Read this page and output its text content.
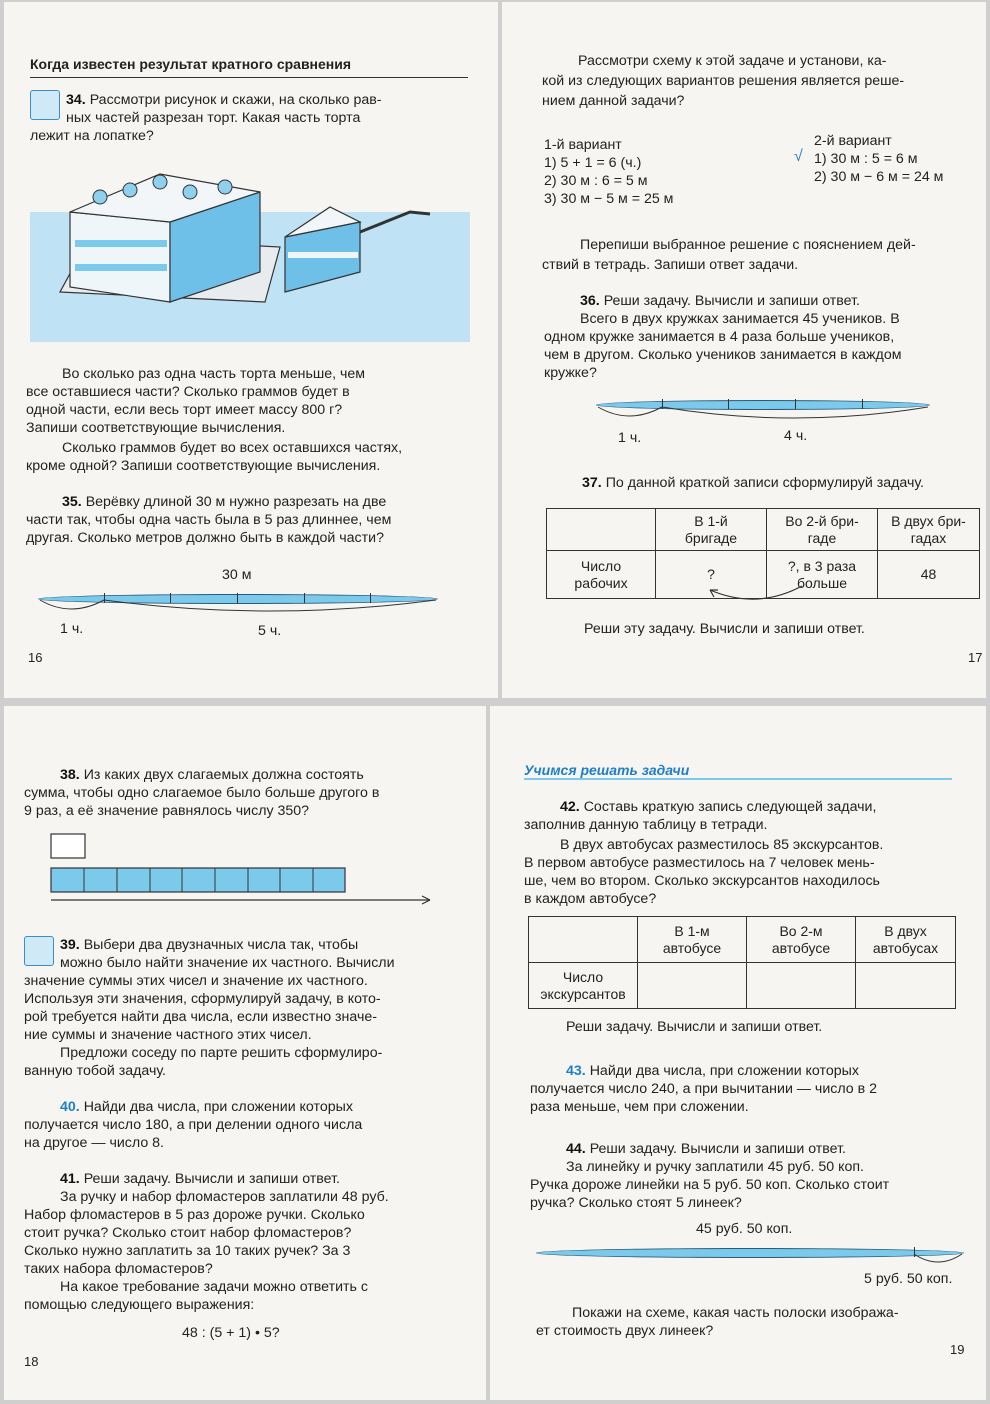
Когда известен результат кратного сравнения
34. Рассмотри рисунок и скажи, на сколько рав-
ных частей разрезан торт. Какая часть торта
лежит на лопатке?
Во сколько раз одна часть торта меньше, чем
все оставшиеся части? Сколько граммов будет в
одной части, если весь торт имеет массу 800 г?
Запиши соответствующие вычисления.
Сколько граммов будет во всех оставшихся частях,
кроме одной? Запиши соответствующие вычисления.
35. Верёвку длиной 30 м нужно разрезать на две
части так, чтобы одна часть была в 5 раз длиннее, чем
другая. Сколько метров должно быть в каждой части?
30 м
1 ч.	5 ч.
16
Рассмотри схему к этой задаче и установи, ка-
кой из следующих вариантов решения является реше-
нием данной задачи?
1-й вариант
1) 5 + 1 = 6 (ч.)
2) 30 м : 6 = 5 м
3) 30 м − 5 м = 25 м
2-й вариант
√ 1) 30 м : 5 = 6 м
2) 30 м − 6 м = 24 м
Перепиши выбранное решение с пояснением дей-
ствий в тетрадь. Запиши ответ задачи.
36. Реши задачу. Вычисли и запиши ответ.
Всего в двух кружках занимается 45 учеников. В
одном кружке занимается в 4 раза больше учеников,
чем в другом. Сколько учеников занимается в каждом
кружке?
1 ч.	4 ч.
37. По данной краткой записи сформулируй задачу.
	В 1-й
бригаде	Во 2-й бри-
гаде	В двух бри-
гадах
Число
рабочих	?	?, в 3 раза
больше	48
Реши эту задачу. Вычисли и запиши ответ.
17
38. Из каких двух слагаемых должна состоять
сумма, чтобы одно слагаемое было больше другого в
9 раз, а её значение равнялось числу 350?
39. Выбери два двузначных числа так, чтобы
можно было найти значение их частного. Вычисли
значение суммы этих чисел и значение их частного.
Используя эти значения, сформулируй задачу, в кото-
рой требуется найти два числа, если известно значе-
ние суммы и значение частного этих чисел.
Предложи соседу по парте решить сформулиро-
ванную тобой задачу.
40. Найди два числа, при сложении которых
получается число 180, а при делении одного числа
на другое — число 8.
41. Реши задачу. Вычисли и запиши ответ.
За ручку и набор фломастеров заплатили 48 руб.
Набор фломастеров в 5 раз дороже ручки. Сколько
стоит ручка? Сколько стоит набор фломастеров?
Сколько нужно заплатить за 10 таких ручек? За 3
таких набора фломастеров?
На какое требование задачи можно ответить с
помощью следующего выражения:
48 : (5 + 1) • 5?
18
Учимся решать задачи
42. Составь краткую запись следующей задачи,
заполнив данную таблицу в тетради.
В двух автобусах разместилось 85 экскурсантов.
В первом автобусе разместилось на 7 человек мень-
ше, чем во втором. Сколько экскурсантов находилось
в каждом автобусе?
	В 1-м
автобусе	Во 2-м
автобусе	В двух
автобусах
Число
экскурсантов			
Реши задачу. Вычисли и запиши ответ.
43. Найди два числа, при сложении которых
получается число 240, а при вычитании — число в 2
раза меньше, чем при сложении.
44. Реши задачу. Вычисли и запиши ответ.
За линейку и ручку заплатили 45 руб. 50 коп.
Ручка дороже линейки на 5 руб. 50 коп. Сколько стоит
ручка? Сколько стоят 5 линеек?
45 руб. 50 коп.
5 руб. 50 коп.
Покажи на схеме, какая часть полоски изобража-
ет стоимость двух линеек?
19
